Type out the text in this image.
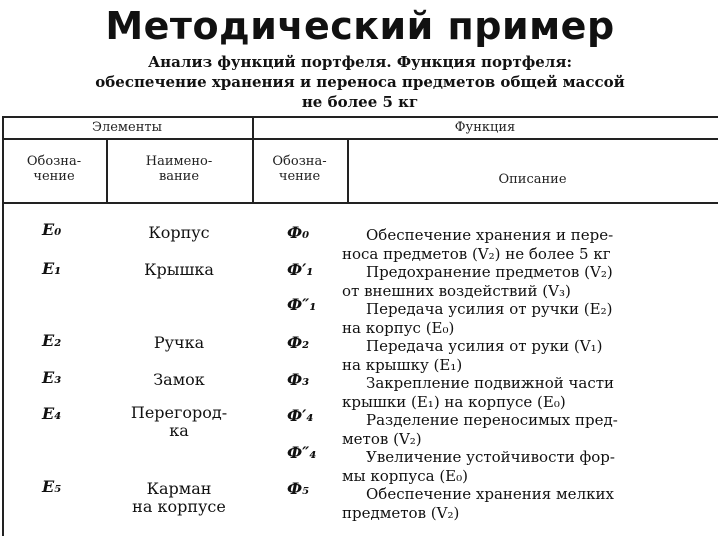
Методический пример
Анализ функций портфеля. Функция портфеля:
обеспечение хранения и переноса предметов общей массой
не более 5 кг
Элементы	Функция
Обозна-
чение
Наимено-
вание
Обозна-
чение	Описание
E₀
E₁
E₂
E₃
E₄
E₅
Корпус
Крышка
Ручка
Замок
Перегород-
ка
Карман
на корпусе
Ф₀
Ф′₁
Ф″₁
Ф₂
Ф₃
Ф′₄
Ф″₄
Ф₅
Обеспечение хранения и пере-
носа предметов (V₂) не более 5 кг
Предохранение предметов (V₂)
от внешних воздействий (V₃)
Передача усилия от ручки (E₂)
на корпус (E₀)
Передача усилия от руки (V₁)
на крышку (E₁)
Закрепление подвижной части
крышки (E₁) на корпусе (E₀)
Разделение переносимых пред-
метов (V₂)
Увеличение устойчивости фор-
мы корпуса (E₀)
Обеспечение хранения мелких
предметов (V₂)
